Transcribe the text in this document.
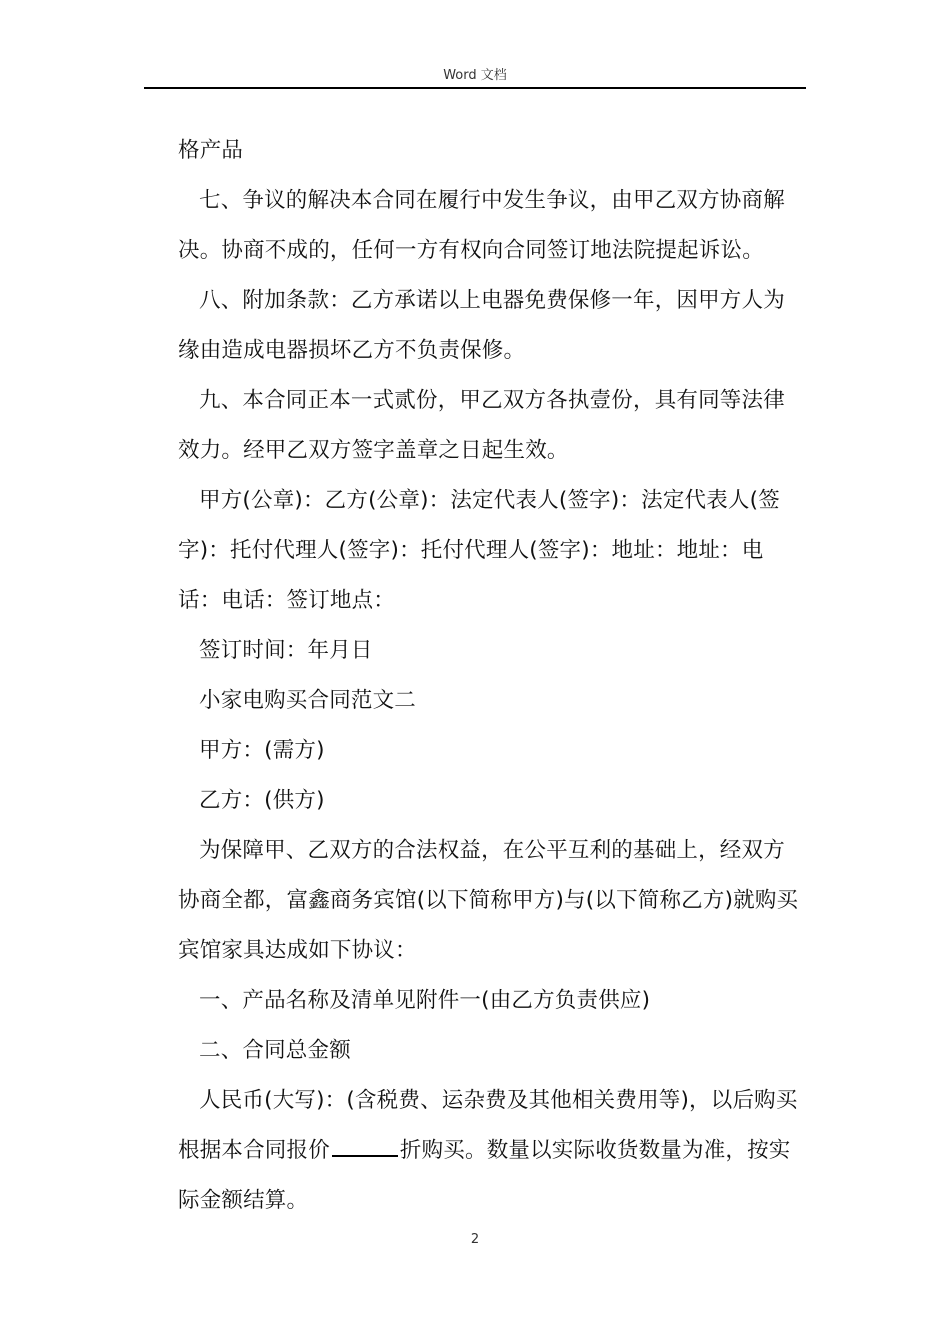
Word 文档

格产品

七、争议的解决本合同在履行中发生争议，由甲乙双方协商解决。协商不成的，任何一方有权向合同签订地法院提起诉讼。

八、附加条款：乙方承诺以上电器免费保修一年，因甲方人为缘由造成电器损坏乙方不负责保修。

九、本合同正本一式贰份，甲乙双方各执壹份，具有同等法律效力。经甲乙双方签字盖章之日起生效。

甲方(公章)：乙方(公章)：法定代表人(签字)：法定代表人(签字)：托付代理人(签字)：托付代理人(签字)：地址：地址：电话：电话：签订地点：

签订时间：年月日

小家电购买合同范文二

甲方：(需方)

乙方：(供方)

为保障甲、乙双方的合法权益，在公平互利的基础上，经双方协商全都，富鑫商务宾馆(以下简称甲方)与(以下简称乙方)就购买宾馆家具达成如下协议：

一、产品名称及清单见附件一(由乙方负责供应)

二、合同总金额

人民币(大写)：(含税费、运杂费及其他相关费用等)，以后购买根据本合同报价	折购买。数量以实际收货数量为准，按实际金额结算。

2
